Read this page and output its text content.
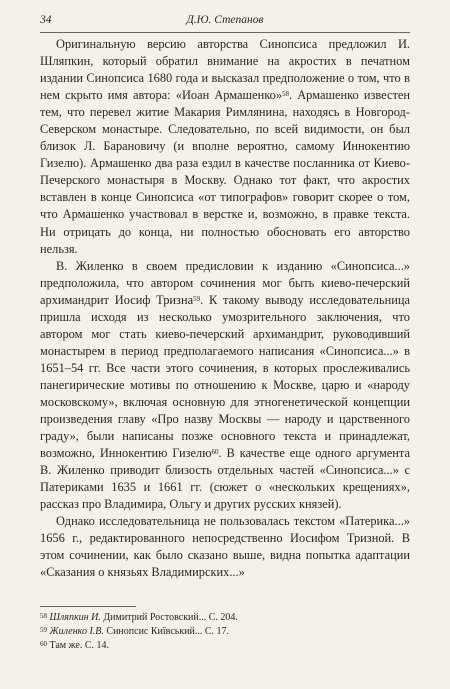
34	Д.Ю. Степанов

Оригинальную версию авторства Синопсиса предложил И. Шляпкин, который обратил внимание на акростих в печатном издании Синопсиса 1680 года и высказал предположение о том, что в нем скрыто имя автора: «Иоан Армашенко»$^{58}$. Армашенко известен тем, что перевел житие Макария Римлянина, находясь в Новгород-Северском монастыре. Следовательно, по всей видимости, он был близок Л. Барановичу (и вполне вероятно, самому Иннокентию Гизелю). Армашенко два раза ездил в качестве посланника от Киево-Печерского монастыря в Москву. Однако тот факт, что акростих вставлен в конце Синопсиса «от типографов» говорит скорее о том, что Армашенко участвовал в верстке и, возможно, в правке текста. Ни отрицать до конца, ни полностью обосновать его авторство нельзя.

В. Жиленко в своем предисловии к изданию «Синопсиса...» предположила, что автором сочинения мог быть киево-печерский архимандрит Иосиф Тризна$^{59}$. К такому выводу исследовательница пришла исходя из несколько умозрительного заключения, что автором мог стать киево-печерский архимандрит, руководивший монастырем в период предполагаемого написания «Синопсиса...» в 1651–54 гг. Все части этого сочинения, в которых прослеживались панегирические мотивы по отношению к Москве, царю и «народу московскому», включая основную для этногенетической концепции произведения главу «Про назву Москвы — народу и царственного граду», были написаны позже основного текста и принадлежат, возможно, Иннокентию Гизелю$^{60}$. В качестве еще одного аргумента В. Жиленко приводит близость отдельных частей «Синопсиса...» с Патериками 1635 и 1661 гг. (сюжет о «нескольких крещениях», рассказ про Владимира, Ольгу и других русских князей).

Однако исследовательница не пользовалась текстом «Патерика...» 1656 г., редактированного непосредственно Иосифом Тризной. В этом сочинении, как было сказано выше, видна попытка адаптации «Сказания о князьях Владимирских...»

$^{58}$ Шляпкин И. Димитрий Ростовский... С. 204.
$^{59}$ Жиленко І.В. Синопсис Київський... С. 17.
$^{60}$ Там же. С. 14.
